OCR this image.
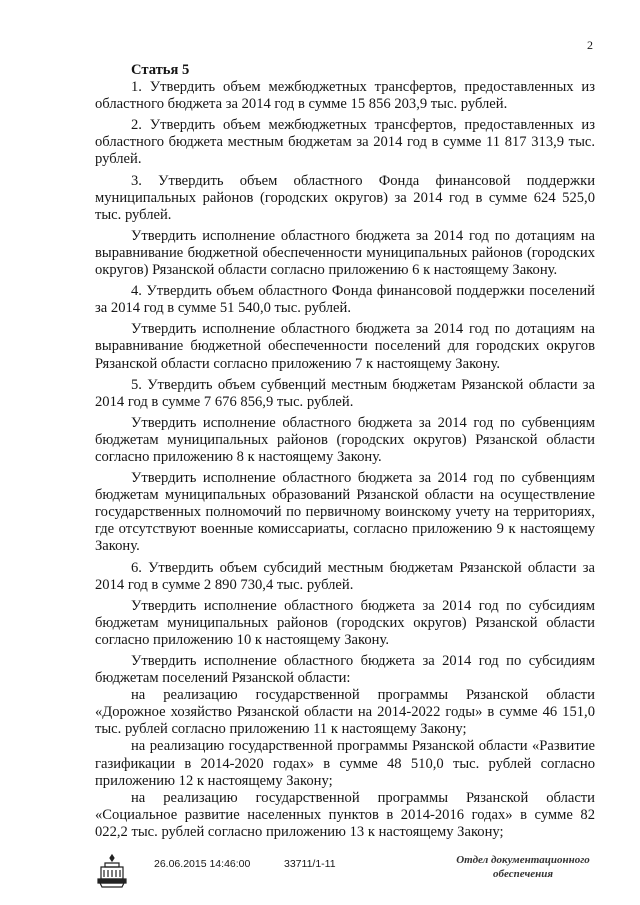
2
Статья 5

1. Утвердить объем межбюджетных трансфертов, предоставленных из областного бюджета за 2014 год в сумме 15 856 203,9 тыс. рублей.

2. Утвердить объем межбюджетных трансфертов, предоставленных из областного бюджета местным бюджетам за 2014 год в сумме 11 817 313,9 тыс. рублей.

3. Утвердить объем областного Фонда финансовой поддержки муниципальных районов (городских округов) за 2014 год в сумме 624 525,0 тыс. рублей.

Утвердить исполнение областного бюджета за 2014 год по дотациям на выравнивание бюджетной обеспеченности муниципальных районов (городских округов) Рязанской области согласно приложению 6 к настоящему Закону.

4. Утвердить объем областного Фонда финансовой поддержки поселений за 2014 год в сумме 51 540,0 тыс. рублей.

Утвердить исполнение областного бюджета за 2014 год по дотациям на выравнивание бюджетной обеспеченности поселений для городских округов Рязанской области согласно приложению 7 к настоящему Закону.

5. Утвердить объем субвенций местным бюджетам Рязанской области за 2014 год в сумме 7 676 856,9 тыс. рублей.

Утвердить исполнение областного бюджета за 2014 год по субвенциям бюджетам муниципальных районов (городских округов) Рязанской области согласно приложению 8 к настоящему Закону.

Утвердить исполнение областного бюджета за 2014 год по субвенциям бюджетам муниципальных образований Рязанской области на осуществление государственных полномочий по первичному воинскому учету на территориях, где отсутствуют военные комиссариаты, согласно приложению 9 к настоящему Закону.

6. Утвердить объем субсидий местным бюджетам Рязанской области за 2014 год в сумме 2 890 730,4 тыс. рублей.

Утвердить исполнение областного бюджета за 2014 год по субсидиям бюджетам муниципальных районов (городских округов) Рязанской области согласно приложению 10 к настоящему Закону.

Утвердить исполнение областного бюджета за 2014 год по субсидиям бюджетам поселений Рязанской области:

на реализацию государственной программы Рязанской области «Дорожное хозяйство Рязанской области на 2014-2022 годы» в сумме 46 151,0 тыс. рублей согласно приложению 11 к настоящему Закону;

на реализацию государственной программы Рязанской области «Развитие газификации в 2014-2020 годах» в сумме 48 510,0 тыс. рублей согласно приложению 12 к настоящему Закону;

на реализацию государственной программы Рязанской области «Социальное развитие населенных пунктов в 2014-2016 годах» в сумме 82 022,2 тыс. рублей согласно приложению 13 к настоящему Закону;

26.06.2015 14:46:00	33711/1-11	Отдел документационного
обеспечения
